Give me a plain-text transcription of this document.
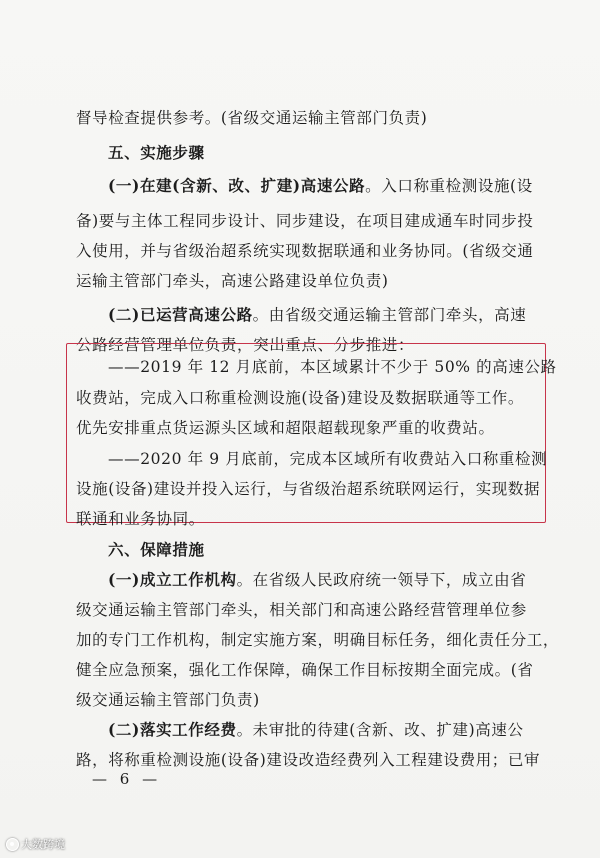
督导检查提供参考。(省级交通运输主管部门负责)
五、实施步骤
(一)在建(含新、改、扩建)高速公路。入口称重检测设施(设
备)要与主体工程同步设计、同步建设，在项目建成通车时同步投
入使用，并与省级治超系统实现数据联通和业务协同。(省级交通
运输主管部门牵头，高速公路建设单位负责)
(二)已运营高速公路。由省级交通运输主管部门牵头，高速
公路经营管理单位负责，突出重点、分步推进：
——2019 年 12 月底前，本区域累计不少于 50% 的高速公路
收费站，完成入口称重检测设施(设备)建设及数据联通等工作。
优先安排重点货运源头区域和超限超载现象严重的收费站。
——2020 年 9 月底前，完成本区域所有收费站入口称重检测
设施(设备)建设并投入运行，与省级治超系统联网运行，实现数据
联通和业务协同。
六、保障措施
(一)成立工作机构。在省级人民政府统一领导下，成立由省
级交通运输主管部门牵头，相关部门和高速公路经营管理单位参
加的专门工作机构，制定实施方案，明确目标任务，细化责任分工，
健全应急预案，强化工作保障，确保工作目标按期全面完成。(省
级交通运输主管部门负责)
(二)落实工作经费。未审批的待建(含新、改、扩建)高速公
路，将称重检测设施(设备)建设改造经费列入工程建设费用；已审
— 6 —
大数跨境
